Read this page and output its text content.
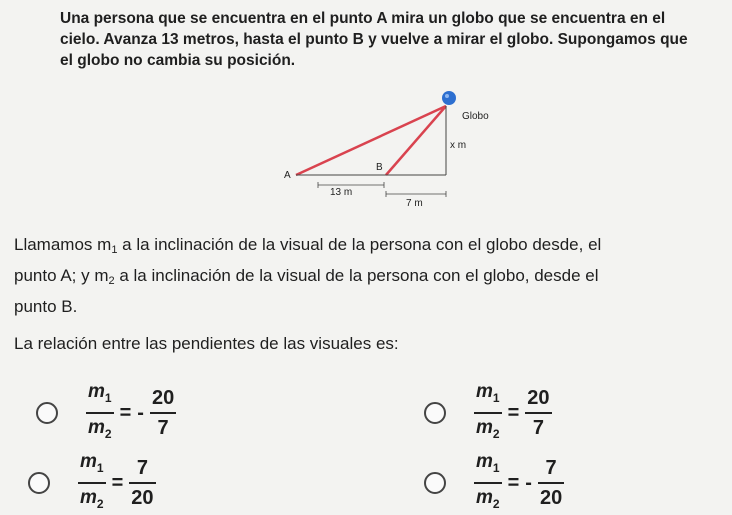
Una persona que se encuentra en el punto A mira un globo que se encuentra en el

cielo. Avanza 13 metros, hasta el punto B y vuelve a mirar el globo. Supongamos que

el globo no cambia su posición.

Globo
x m
A
B
13 m
7 m

Llamamos $m_1$ a la inclinación de la visual de la persona con el globo desde, el

punto A; y $m_2$ a la inclinación de la visual de la persona con el globo, desde el

punto B.

La relación entre las pendientes de las visuales es:
$\frac{m_1}{m_2}$ = - $\frac{20}{7}$	$\frac{m_1}{m_2} = \frac{20}{7}$
$\frac{m_1}{m_2} = \frac{7}{20}$	$\frac{m_1}{m_2}$ = - $\frac{7}{20}$
